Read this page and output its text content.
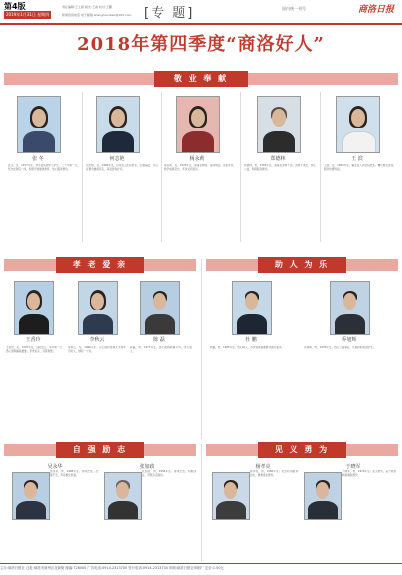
第4版
2019年1月31日 星期四
责任编辑:王士颖 版式:王淼 校对:王鹏
新闻热线电话 电子邮箱:shangluoribao@163.com [专 题]	国内统一刊号	商洛日报
2018年第四季度“商洛好人”
敬 业 奉 献
张 冬
张冬，女，1977年生，柞水县疾控中心护士。二十年如一日，坚守在防疫一线，积极开展健康教育，热心服务群众。
何志艳
何志艳，女，1980年生，丹凤县卫生院医生。扎根基层，为山区群众健康奔走，深受患者好评。
杨永莉
杨永莉，女，1976年生，商南县教师。爱岗敬业，关爱学生，教学成绩突出，多次受到表彰。
郑德林
郑德林，男，1955年生，洛南县退休干部。退休不退志，热心公益，积极服务群众。
王 滨
王滨，女，1983年生，镇安县人民医院医生。精心救治患者，服务热情周到。
孝 老 爱 亲	助 人 为 乐
王香玲
王香玲，女，1970年生，山阳县人。多年如一日悉心照顾瘫痪婆婆，孝老爱亲，邻里称赞。
李秋云
李秋云，女，1966年生。尽心照料患病丈夫和年迈老人，撑起一个家。
陈 磊
陈磊，男，1977年生。悉心照顾病重父母，孝心感人。
杜 鹏
杜鹏，男，1985年生。热心助人，多次帮助困难群众渡过难关。
乔旭辉
乔旭辉，男，1976年生。热心公益事业，长期资助贫困学生。
自 强 励 志	见 义 勇 为
吴永华
吴永华，男，1968年生。身残志坚，自强不息，带动群众致富。
张加政
张加政，男，1956年生。身残志坚，积极创业，带领乡亲脱贫。
杨孝亮
杨孝亮，男，1966年生。危急时刻挺身而出，勇救落水群众。
于晓军
于晓军，男，1974年生。见义勇为，奋不顾身救助遇险群众。
主办:商洛日报社 社址:商洛市商州区北新街 邮编:726000 广告电话:0914-2313700 发行电话:0914-2313734 印刷:商洛日报社印刷厂 定价:1.50元
